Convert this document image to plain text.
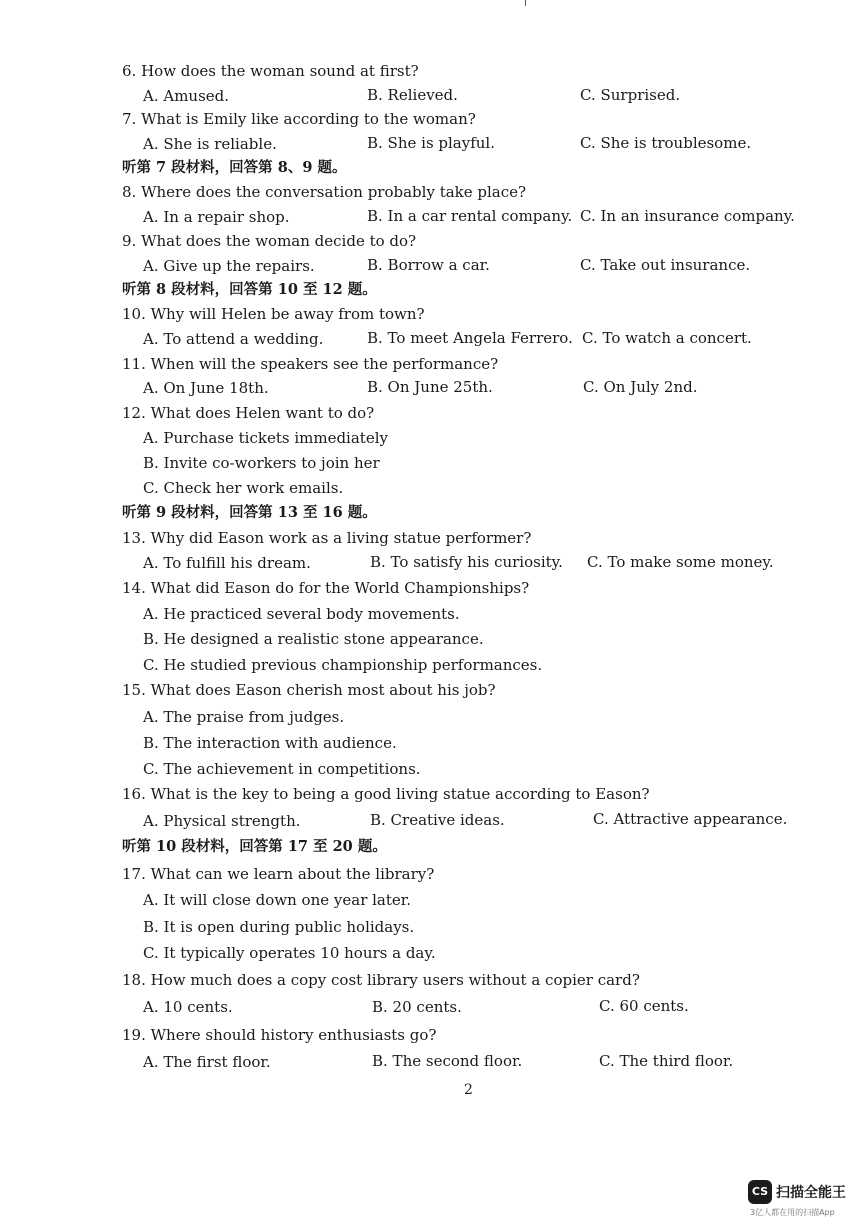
6. How does the woman sound at first?
A. Amused.	B. Relieved.	C. Surprised.
7. What is Emily like according to the woman?
A. She is reliable.	B. She is playful.	C. She is troublesome.
听第 7 段材料，回答第 8、9 题。
8. Where does the conversation probably take place?
A. In a repair shop.	B. In a car rental company. C. In an insurance company.
9. What does the woman decide to do?
A. Give up the repairs.	B. Borrow a car.	C. Take out insurance.
听第 8 段材料，回答第 10 至 12 题。
10. Why will Helen be away from town?
A. To attend a wedding.	B. To meet Angela Ferrero. C. To watch a concert.
11. When will the speakers see the performance?
A. On June 18th.	B. On June 25th.	C. On July 2nd.
12. What does Helen want to do?
A. Purchase tickets immediately
B. Invite co-workers to join her
C. Check her work emails.
听第 9 段材料，回答第 13 至 16 题。
13. Why did Eason work as a living statue performer?
A. To fulfill his dream.	B. To satisfy his curiosity. C. To make some money.
14. What did Eason do for the World Championships?
A. He practiced several body movements.
B. He designed a realistic stone appearance.
C. He studied previous championship performances.
15. What does Eason cherish most about his job?
A. The praise from judges.
B. The interaction with audience.
C. The achievement in competitions.
16. What is the key to being a good living statue according to Eason?
A. Physical strength.	B. Creative ideas.	C. Attractive appearance.
听第 10 段材料，回答第 17 至 20 题。
17. What can we learn about the library?
A. It will close down one year later.
B. It is open during public holidays.
C. It typically operates 10 hours a day.
18. How much does a copy cost library users without a copier card?
A. 10 cents.	B. 20 cents.	C. 60 cents.
19. Where should history enthusiasts go?
A. The first floor.	B. The second floor.	C. The third floor.
2
CS 扫描全能王
3亿人都在用的扫描App
